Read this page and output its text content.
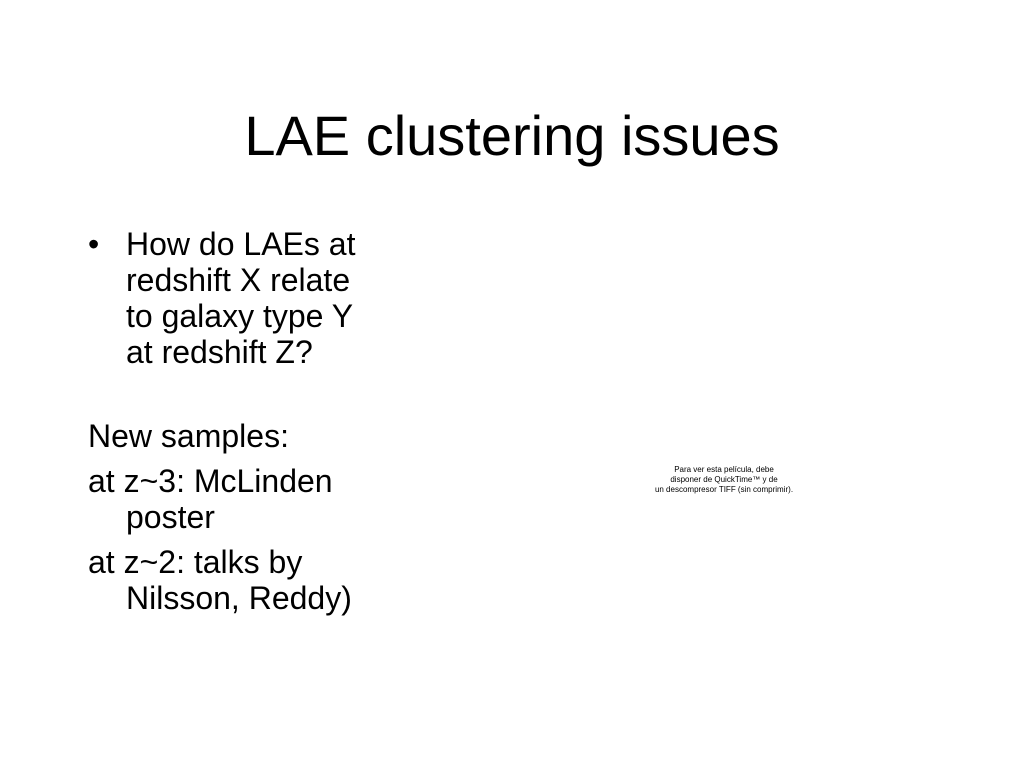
LAE clustering issues
• How do LAEs at
redshift X relate
to galaxy type Y
at redshift Z?
New samples:
at z~3: McLinden
poster
at z~2: talks by
Nilsson, Reddy)
Para ver esta película, debe
disponer de QuickTime™ y de
un descompresor TIFF (sin comprimir).
